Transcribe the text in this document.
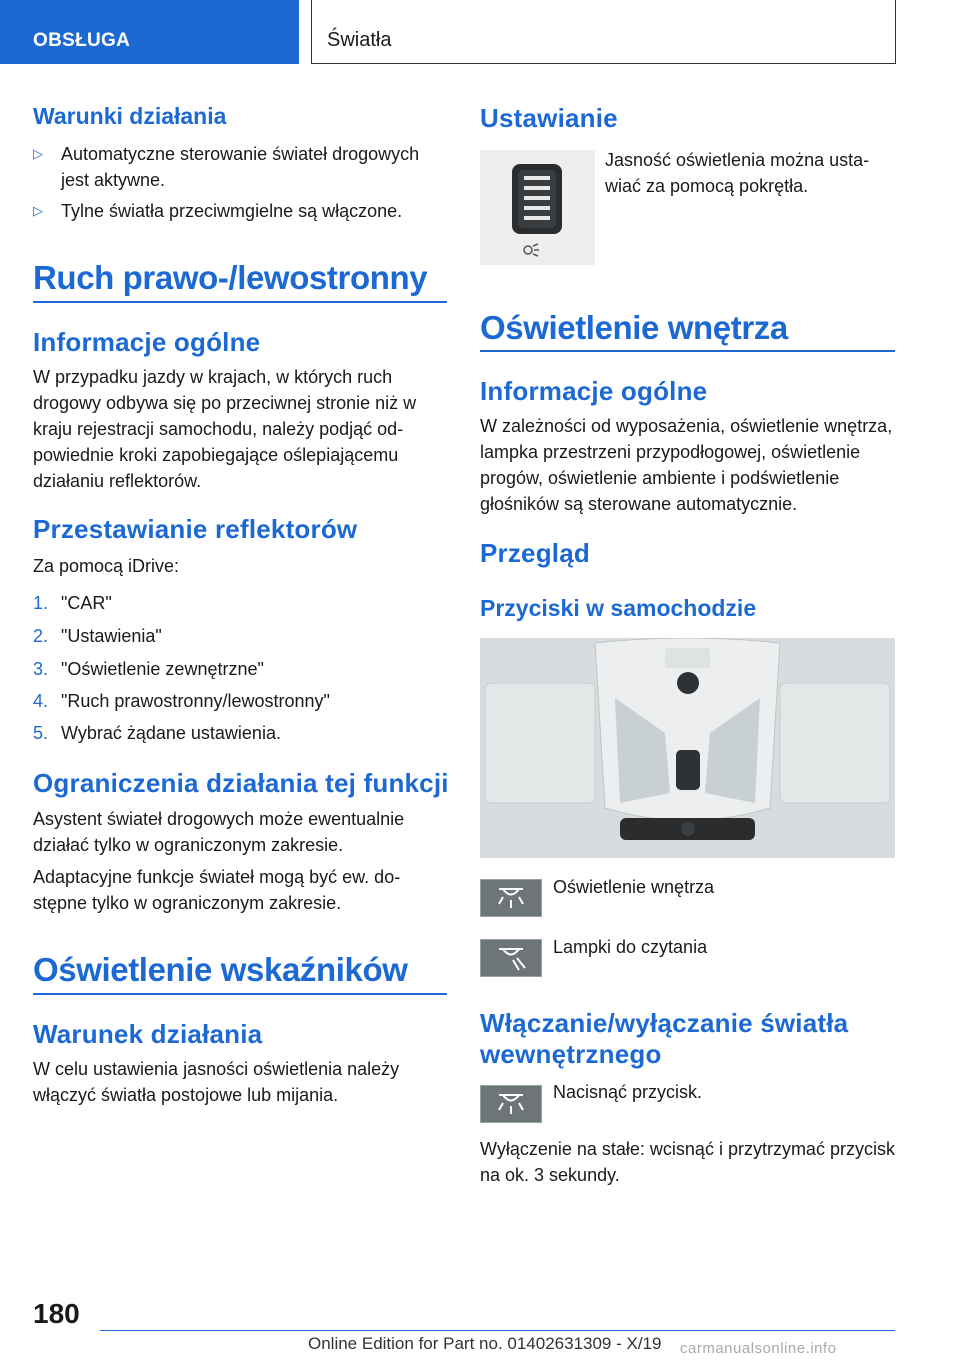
OBSŁUGA	Światła
Warunki działania
▷ Automatyczne sterowanie świateł drogowych jest aktywne.
▷ Tylne światła przeciwmgielne są włączone.
Ruch prawo-/lewostronny
Informacje ogólne

W przypadku jazdy w krajach, w których ruch drogowy odbywa się po przeciwnej stronie niż w kraju rejestracji samochodu, należy podjąć odpowiednie kroki zapobiegające oślepiającemu działaniu reflektorów.

Przestawianie reflektorów

Za pomocą iDrive:

1. "CAR"
2. "Ustawienia"
3. "Oświetlenie zewnętrzne"
4. "Ruch prawostronny/lewostronny"
5. Wybrać żądane ustawienia.
Ograniczenia działania tej funkcji

Asystent świateł drogowych może ewentualnie działać tylko w ograniczonym zakresie.

Adaptacyjne funkcje świateł mogą być ew. dostępne tylko w ograniczonym zakresie.

Oświetlenie wskaźników
Warunek działania

W celu ustawienia jasności oświetlenia należy włączyć światła postojowe lub mijania.

Ustawianie

Jasność oświetlenia można ustawiać za pomocą pokrętła.

Oświetlenie wnętrza
Informacje ogólne

W zależności od wyposażenia, oświetlenie wnętrza, lampka przestrzeni przypodłogowej, oświetlenie progów, oświetlenie ambiente i podświetlenie głośników są sterowane automatycznie.

Przegląd
Przyciski w samochodzie

Oświetlenie wnętrza

Lampki do czytania

Włączanie/wyłączanie światła wewnętrznego

Nacisnąć przycisk.

Wyłączenie na stałe: wcisnąć i przytrzymać przycisk na ok. 3 sekundy.

180
Online Edition for Part no. 01402631309 - X/19 carmanualsonline.info
